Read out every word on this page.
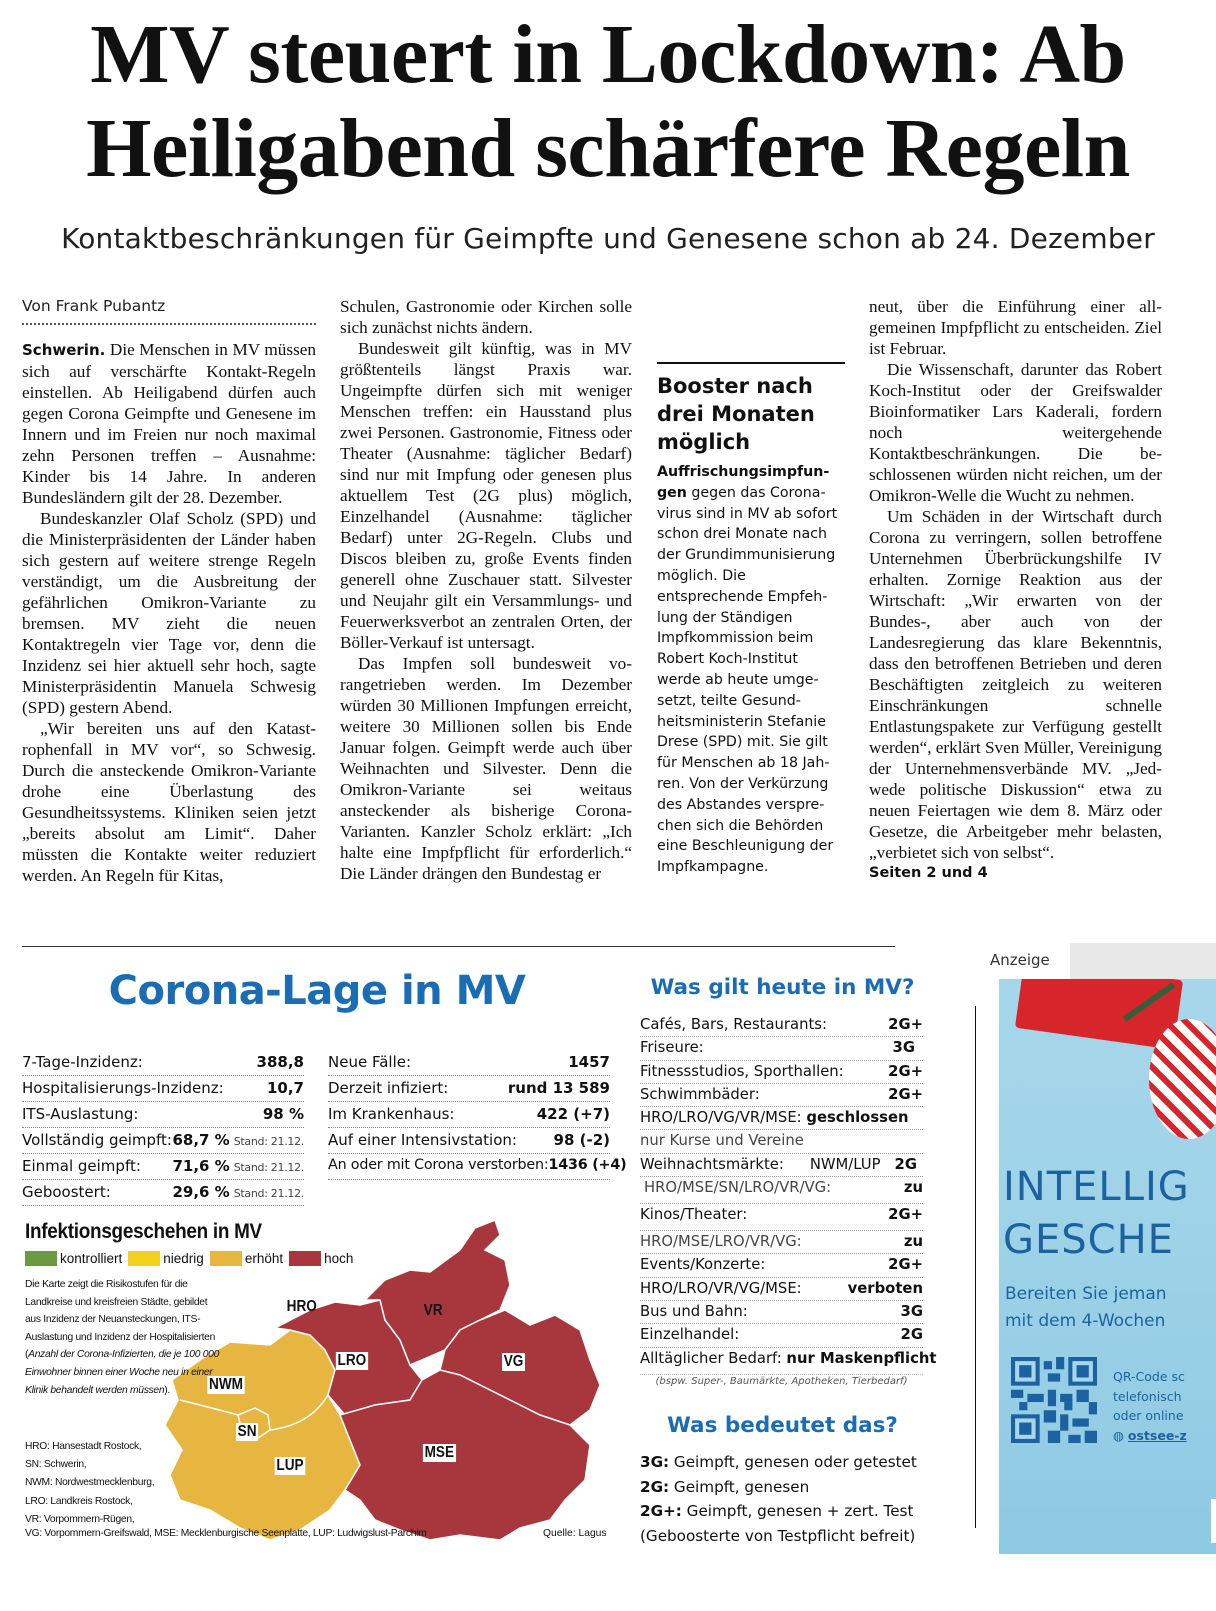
MV steuert in Lockdown: Ab
Heiligabend schärfere Regeln
Kontaktbeschränkungen für Geimpfte und Genesene schon ab 24. Dezember
Von Frank Pubantz

Schwerin. Die Menschen in MV müssen sich auf verschärfte Kontakt-Regeln einstellen. Ab Heiligabend dürfen auch gegen Corona Geimpfte und Genesene im Innern und im Freien nur noch maximal zehn Personen treffen – Ausnahme: Kinder bis 14 Jahre. In anderen Bundesländern gilt der 28. Dezember.

Bundeskanzler Olaf Scholz (SPD) und die Ministerpräsidenten der Länder haben sich gestern auf weitere strenge Regeln verständigt, um die Ausbreitung der gefährlichen Omikron-Variante zu bremsen. MV zieht die neuen Kontaktregeln vier Tage vor, denn die Inzidenz sei hier aktuell sehr hoch, sagte Ministerpräsidentin Manuela Schwesig (SPD) gestern Abend.

„Wir bereiten uns auf den Katastrophenfall in MV vor“, so Schwesig. Durch die ansteckende Omikron-Variante drohe eine Überlastung des Gesundheitssystems. Kliniken seien jetzt „bereits absolut am Limit“. Daher müssten die Kontakte weiter reduziert werden. An Regeln für Kitas,

Schulen, Gastronomie oder Kirchen solle sich zunächst nichts ändern.

Bundesweit gilt künftig, was in MV größtenteils längst Praxis war. Ungeimpfte dürfen sich mit weniger Menschen treffen: ein Hausstand plus zwei Personen. Gastronomie, Fitness oder Theater (Ausnahme: täglicher Bedarf) sind nur mit Impfung oder genesen plus aktuellem Test (2G plus) möglich, Einzelhandel (Ausnahme: täglicher Bedarf) unter 2G-Regeln. Clubs und Discos bleiben zu, große Events finden generell ohne Zuschauer statt. Silvester und Neujahr gilt ein Versammlungs- und Feuerwerksverbot an zentralen Orten, der Böller-Verkauf ist untersagt.

Das Impfen soll bundesweit vorangetrieben werden. Im Dezember würden 30 Millionen Impfungen erreicht, weitere 30 Millionen sollen bis Ende Januar folgen. Geimpft werde auch über Weihnachten und Silvester. Denn die Omikron-Variante sei weitaus ansteckender als bisherige Corona-Varianten. Kanzler Scholz erklärt: „Ich halte eine Impfpflicht für erforderlich.“ Die Länder drängen den Bundestag er

Booster nach drei Monaten möglich
Auffrischungsimpfungen gegen das Coronavirus sind in MV ab sofort schon drei Monate nach der Grundimmunisierung möglich. Die entsprechende Empfehlung der Ständigen Impfkommission beim Robert Koch-Institut werde ab heute umgesetzt, teilte Gesundheitsministerin Stefanie Drese (SPD) mit. Sie gilt für Menschen ab 18 Jahren. Von der Verkürzung des Abstandes versprechen sich die Behörden eine Beschleunigung der Impfkampagne.

neut, über die Einführung einer allgemeinen Impfpflicht zu entscheiden. Ziel ist Februar.

Die Wissenschaft, darunter das Robert Koch-Institut oder der Greifswalder Bioinformatiker Lars Kaderali, fordern noch weitergehende Kontaktbeschränkungen. Die beschlossenen würden nicht reichen, um der Omikron-Welle die Wucht zu nehmen.

Um Schäden in der Wirtschaft durch Corona zu verringern, sollen betroffene Unternehmen Überbrückungshilfe IV erhalten. Zornige Reaktion aus der Wirtschaft: „Wir erwarten von der Bundes-, aber auch von der Landesregierung das klare Bekenntnis, dass den betroffenen Betrieben und deren Beschäftigten zeitgleich zu weiteren Einschränkungen schnelle Entlastungspakete zur Verfügung gestellt werden“, erklärt Sven Müller, Vereinigung der Unternehmensverbände MV. „Jedwede politische Diskussion“ etwa zu neuen Feiertagen wie dem 8. März oder Gesetze, die Arbeitgeber mehr belasten, „verbietet sich von selbst“.

Seiten 2 und 4

Corona-Lage in MV
7-Tage-Inzidenz:	388,8
Hospitalisierungs-Inzidenz:	10,7
ITS-Auslastung:	98 %
Vollständig geimpft: 68,7 % Stand: 21.12.
Einmal geimpft:	71,6 % Stand: 21.12.
Geboostert:	29,6 % Stand: 21.12.
Neue Fälle:	1457
Derzeit infiziert:	rund 13 589
Im Krankenhaus:	422 (+7)
Auf einer Intensivstation:	98 (-2)
An oder mit Corona verstorben: 1436 (+4)
Infektionsgeschehen in MV
kontrolliert	niedrig	erhöht	hoch
HRO	VR
LRO	VG
NWM
SN
MSE
LUP
Die Karte zeigt die Risikostufen für die Landkreise und kreisfreien Städte, gebildet aus Inzidenz der Neuansteckungen, ITS-Auslastung und Inzidenz der Hospitalisierten (Anzahl der Corona-Infizierten, die je 100 000 Einwohner binnen einer Woche neu in einer Klinik behandelt werden müssen).
HRO: Hansestadt Rostock,
SN: Schwerin,
NWM: Nordwestmecklenburg,
LRO: Landkreis Rostock,
VR: Vorpommern-Rügen,
VG: Vorpommern-Greifswald, MSE: Mecklenburgische Seenplatte, LUP: Ludwigslust-Parchim	Quelle: Lagus
Was gilt heute in MV?
Cafés, Bars, Restaurants:	2G+
Friseure:	3G
Fitnessstudios, Sporthallen:	2G+
Schwimmbäder:	2G+
HRO/LRO/VG/VR/MSE:
geschlossen
nur Kurse und Vereine
Weihnachtsmärkte:	NWM/LUP 2G
HRO/MSE/SN/LRO/VR/VG:	zu
Kinos/Theater:	2G+
HRO/MSE/LRO/VR/VG:	zu
Events/Konzerte:	2G+
HRO/LRO/VR/VG/MSE:	verboten
Bus und Bahn:	3G
Einzelhandel:	2G
Alltäglicher Bedarf:
nur Maskenpflicht
(bspw. Super-, Baumärkte, Apotheken, Tierbedarf)
Was bedeutet das?
3G: Geimpft, genesen oder getestet
2G: Geimpft, genesen
2G+: Geimpft, genesen + zert. Test
(Geboosterte von Testpflicht befreit)
Anzeige
INTELLIG
GESCHE
Bereiten Sie jeman
mit dem 4-Wochen
QR-Code sc
telefonisch
oder online
◍ ostsee-z
